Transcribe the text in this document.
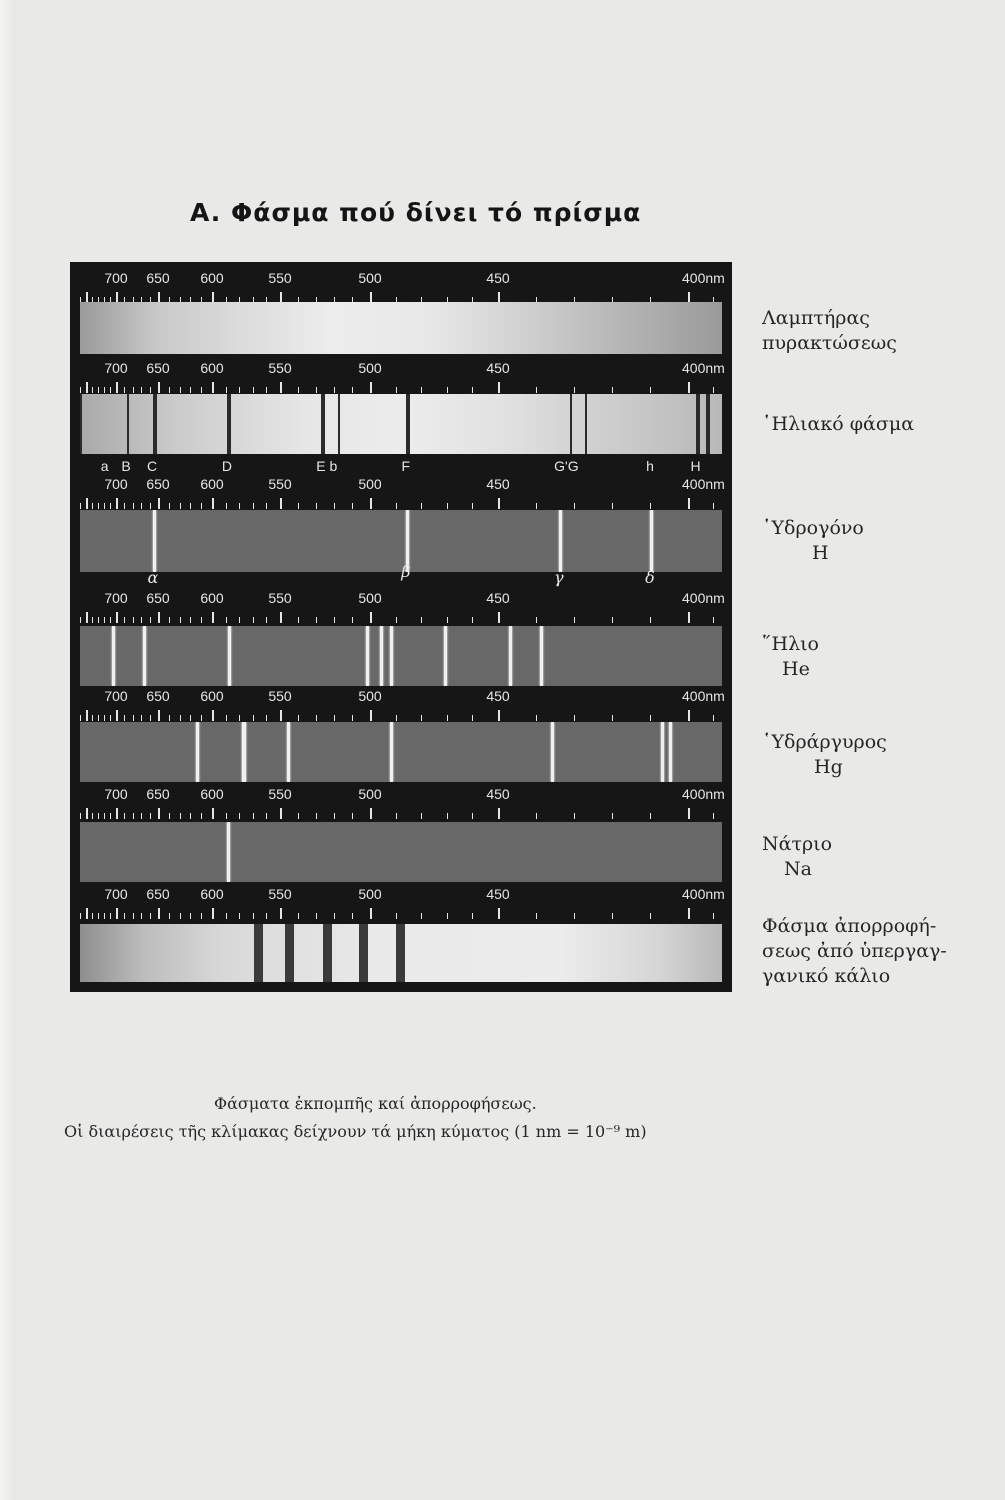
A. Φάσμα πού δίνει τό πρίσμα
700 650 600	550	500	450	400nm
700 650 600	550	500	450	400nm
a B C	D	E b	F	G'G	h	H
700 650 600	550	500	450	400nm
α	β	γ	δ
700 650 600	550	500	450	400nm
700 650 600	550	500	450	400nm
700 650 600	550	500	450	400nm
700 650 600	550	500	450	400nm
Λαμπτήρας
πυρακτώσεως
῾Ηλιακό φάσμα
῾Υδρογόνο
H
῞Ηλιο
He
῾Υδράργυρος
Hg
Νάτριο
Na
Φάσμα ἀπορροφή-
σεως ἀπό ὑπεργαγ-
γανικό κάλιο
Φάσματα ἐκπομπῆς καί ἀπορροφήσεως.
Οἱ διαιρέσεις τῆς κλίμακας δείχνουν τά μήκη κύματος (1 nm = 10⁻⁹ m)
